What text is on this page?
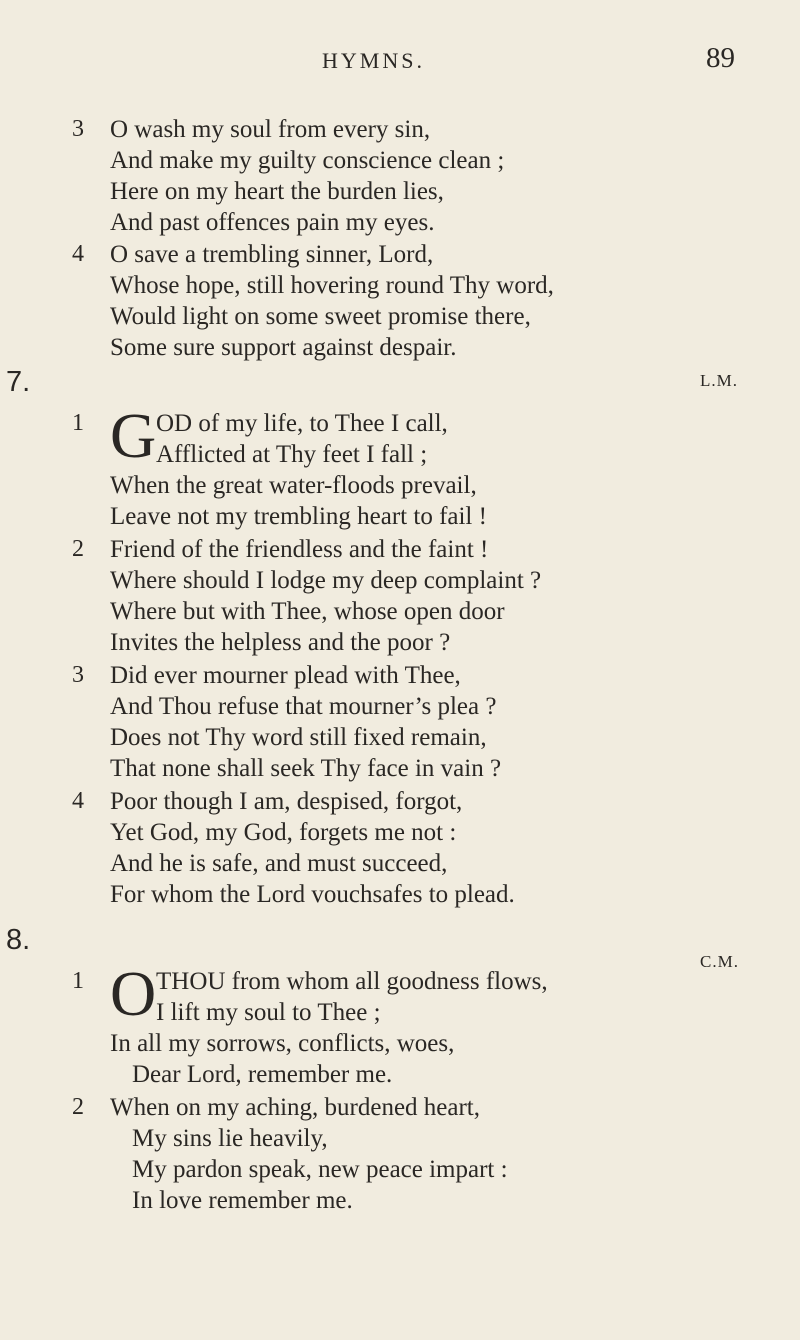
HYMNS.	89
3 O wash my soul from every sin,
And make my guilty conscience clean ;
Here on my heart the burden lies,
And past offences pain my eyes.
4 O save a trembling sinner, Lord,
Whose hope, still hovering round Thy word,
Would light on some sweet promise there,
Some sure support against despair.
7.	L.M.
1 G OD of my life, to Thee I call,
Afflicted at Thy feet I fall ;
When the great water-floods prevail,
Leave not my trembling heart to fail !
2 Friend of the friendless and the faint !
Where should I lodge my deep complaint ?
Where but with Thee, whose open door
Invites the helpless and the poor ?
3 Did ever mourner plead with Thee,
And Thou refuse that mourner’s plea ?
Does not Thy word still fixed remain,
That none shall seek Thy face in vain ?
4 Poor though I am, despised, forgot,
Yet God, my God, forgets me not :
And he is safe, and must succeed,
For whom the Lord vouchsafes to plead.
8.
C.M.
1 O THOU from whom all goodness flows,
I lift my soul to Thee ;
In all my sorrows, conflicts, woes,
Dear Lord, remember me.
2 When on my aching, burdened heart,
My sins lie heavily,
My pardon speak, new peace impart :
In love remember me.
